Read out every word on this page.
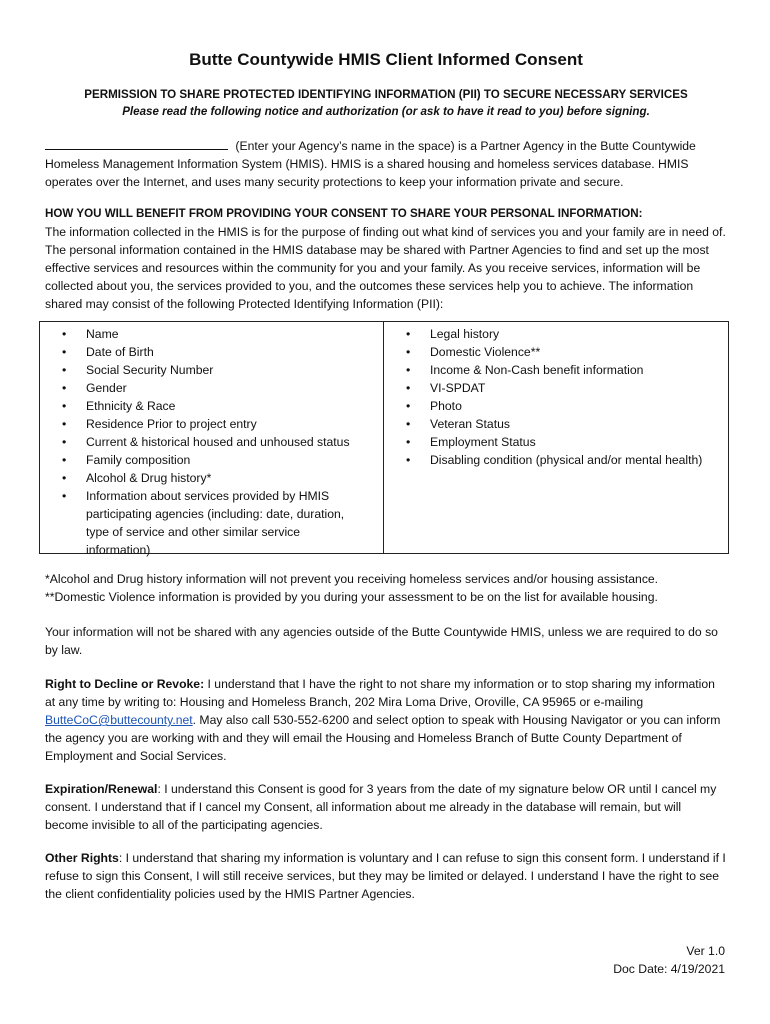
Butte Countywide HMIS Client Informed Consent
PERMISSION TO SHARE PROTECTED IDENTIFYING INFORMATION (PII) TO SECURE NECESSARY SERVICES
Please read the following notice and authorization (or ask to have it read to you) before signing.

(Enter your Agency’s name in the space) is a Partner Agency in the Butte Countywide Homeless Management Information System (HMIS). HMIS is a shared housing and homeless services database. HMIS operates over the Internet, and uses many security protections to keep your information private and secure.

HOW YOU WILL BENEFIT FROM PROVIDING YOUR CONSENT TO SHARE YOUR PERSONAL INFORMATION:

The information collected in the HMIS is for the purpose of finding out what kind of services you and your family are in need of. The personal information contained in the HMIS database may be shared with Partner Agencies to find and set up the most effective services and resources within the community for you and your family. As you receive services, information will be collected about you, the services provided to you, and the outcomes these services help you to achieve. The information shared may consist of the following Protected Identifying Information (PII):

• Name
• Date of Birth
• Social Security Number
• Gender
• Ethnicity & Race
• Residence Prior to project entry
• Current & historical housed and unhoused status
• Family composition
• Alcohol & Drug history*
• Information about services provided by HMIS participating agencies (including: date, duration, type of service and other similar service information)
• Legal history
• Domestic Violence**
• Income & Non-Cash benefit information
• VI-SPDAT
• Photo
• Veteran Status
• Employment Status
• Disabling condition (physical and/or mental health)

*Alcohol and Drug history information will not prevent you receiving homeless services and/or housing assistance.

**Domestic Violence information is provided by you during your assessment to be on the list for available housing.

Your information will not be shared with any agencies outside of the Butte Countywide HMIS, unless we are required to do so by law.

Right to Decline or Revoke: I understand that I have the right to not share my information or to stop sharing my information at any time by writing to: Housing and Homeless Branch, 202 Mira Loma Drive, Oroville, CA 95965 or e-mailing ButteCoC@buttecounty.net. May also call 530-552-6200 and select option to speak with Housing Navigator or you can inform the agency you are working with and they will email the Housing and Homeless Branch of Butte County Department of Employment and Social Services.

Expiration/Renewal: I understand this Consent is good for 3 years from the date of my signature below OR until I cancel my consent. I understand that if I cancel my Consent, all information about me already in the database will remain, but will become invisible to all of the participating agencies.

Other Rights: I understand that sharing my information is voluntary and I can refuse to sign this consent form. I understand if I refuse to sign this Consent, I will still receive services, but they may be limited or delayed. I understand I have the right to see the client confidentiality policies used by the HMIS Partner Agencies.

Ver 1.0
Doc Date: 4/19/2021
